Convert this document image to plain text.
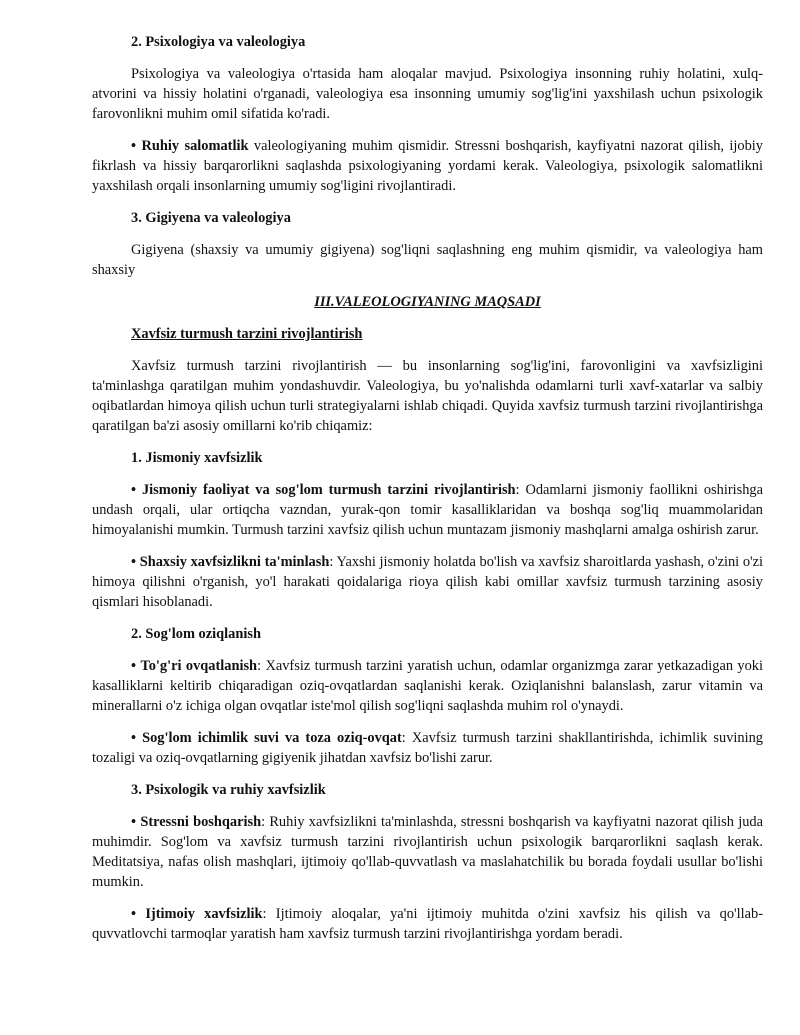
2. Psixologiya va valeologiya

Psixologiya va valeologiya o'rtasida ham aloqalar mavjud. Psixologiya insonning ruhiy holatini, xulq-atvorini va hissiy holatini o'rganadi, valeologiya esa insonning umumiy sog'lig'ini yaxshilash uchun psixologik farovonlikni muhim omil sifatida ko'radi.

• Ruhiy salomatlik valeologiyaning muhim qismidir. Stressni boshqarish, kayfiyatni nazorat qilish, ijobiy fikrlash va hissiy barqarorlikni saqlashda psixologiyaning yordami kerak. Valeologiya, psixologik salomatlikni yaxshilash orqali insonlarning umumiy sog'ligini rivojlantiradi.

3. Gigiyena va valeologiya

Gigiyena (shaxsiy va umumiy gigiyena) sog'liqni saqlashning eng muhim qismidir, va valeologiya ham shaxsiy

III.VALEOLOGIYANING MAQSADI

Xavfsiz turmush tarzini rivojlantirish

Xavfsiz turmush tarzini rivojlantirish — bu insonlarning sog'lig'ini, farovonligini va xavfsizligini ta'minlashga qaratilgan muhim yondashuvdir. Valeologiya, bu yo'nalishda odamlarni turli xavf-xatarlar va salbiy oqibatlardan himoya qilish uchun turli strategiyalarni ishlab chiqadi. Quyida xavfsiz turmush tarzini rivojlantirishga qaratilgan ba'zi asosiy omillarni ko'rib chiqamiz:

1. Jismoniy xavfsizlik

• Jismoniy faoliyat va sog'lom turmush tarzini rivojlantirish: Odamlarni jismoniy faollikni oshirishga undash orqali, ular ortiqcha vazndan, yurak-qon tomir kasalliklaridan va boshqa sog'liq muammolaridan himoyalanishi mumkin. Turmush tarzini xavfsiz qilish uchun muntazam jismoniy mashqlarni amalga oshirish zarur.

• Shaxsiy xavfsizlikni ta'minlash: Yaxshi jismoniy holatda bo'lish va xavfsiz sharoitlarda yashash, o'zini o'zi himoya qilishni o'rganish, yo'l harakati qoidalariga rioya qilish kabi omillar xavfsiz turmush tarzining asosiy qismlari hisoblanadi.

2. Sog'lom oziqlanish

• To'g'ri ovqatlanish: Xavfsiz turmush tarzini yaratish uchun, odamlar organizmga zarar yetkazadigan yoki kasalliklarni keltirib chiqaradigan oziq-ovqatlardan saqlanishi kerak. Oziqlanishni balanslash, zarur vitamin va minerallarni o'z ichiga olgan ovqatlar iste'mol qilish sog'liqni saqlashda muhim rol o'ynaydi.

• Sog'lom ichimlik suvi va toza oziq-ovqat: Xavfsiz turmush tarzini shakllantirishda, ichimlik suvining tozaligi va oziq-ovqatlarning gigiyenik jihatdan xavfsiz bo'lishi zarur.

3. Psixologik va ruhiy xavfsizlik

• Stressni boshqarish: Ruhiy xavfsizlikni ta'minlashda, stressni boshqarish va kayfiyatni nazorat qilish juda muhimdir. Sog'lom va xavfsiz turmush tarzini rivojlantirish uchun psixologik barqarorlikni saqlash kerak. Meditatsiya, nafas olish mashqlari, ijtimoiy qo'llab-quvvatlash va maslahatchilik bu borada foydali usullar bo'lishi mumkin.

• Ijtimoiy xavfsizlik: Ijtimoiy aloqalar, ya'ni ijtimoiy muhitda o'zini xavfsiz his qilish va qo'llab-quvvatlovchi tarmoqlar yaratish ham xavfsiz turmush tarzini rivojlantirishga yordam beradi.
